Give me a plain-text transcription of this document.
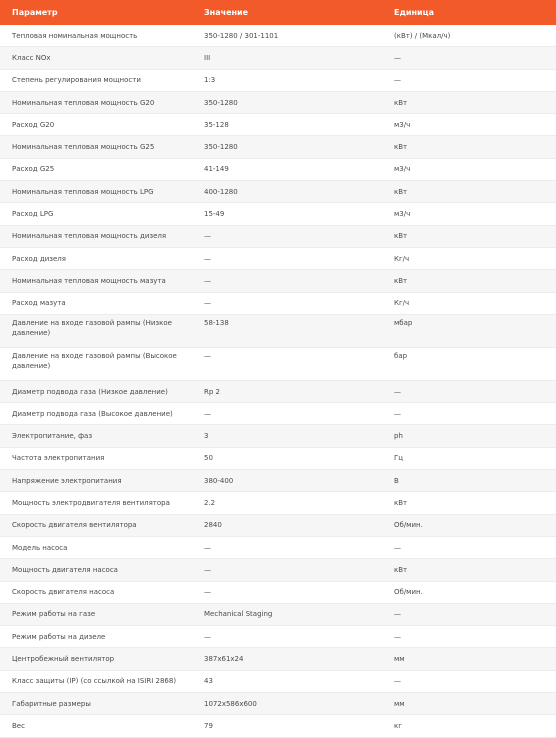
Параметр	Значение	Единица
Тепловая номинальная мощность	350-1280 / 301-1101	(кВт) / (Мкал/ч)
Класс NOx	III	—
Степень регулирования мощности	1:3	—
Номинальная тепловая мощность G20	350-1280	кВт
Расход G20	35-128	м3/ч
Номинальная тепловая мощность G25	350-1280	кВт
Расход G25	41-149	м3/ч
Номинальная тепловая мощность LPG	400-1280	кВт
Расход LPG	15-49	м3/ч
Номинальная тепловая мощность дизеля	—	кВт
Расход дизеля	—	Кг/ч
Номинальная тепловая мощность мазута	—	кВт
Расход мазута	—	Кг/ч
Давление на входе газовой рампы (Низкое давление)	58-138	мбар
Давление на входе газовой рампы (Высокое давление)	—	бар
Диаметр подвода газа (Низкое давление)	Rp 2	—
Диаметр подвода газа (Высокое давление)	—	—
Электропитание, фаз	3	ph
Частота электропитания	50	Гц
Напряжение электропитания	380-400	В
Мощность электродвигателя вентилятора	2.2	кВт
Скорость двигателя вентилятора	2840	Об/мин.
Модель насоса	—	—
Мощность двигателя насоса	—	кВт
Скорость двигателя насоса	—	Об/мин.
Режим работы на газе	Mechanical Staging	—
Режим работы на дизеле	—	—
Центробежный вентилятор	387x61x24	мм
Класс защиты (IP) (со ссылкой на ISIRI 2868)	43	—
Габаритные размеры	1072x586x600	мм
Вес	79	кг
